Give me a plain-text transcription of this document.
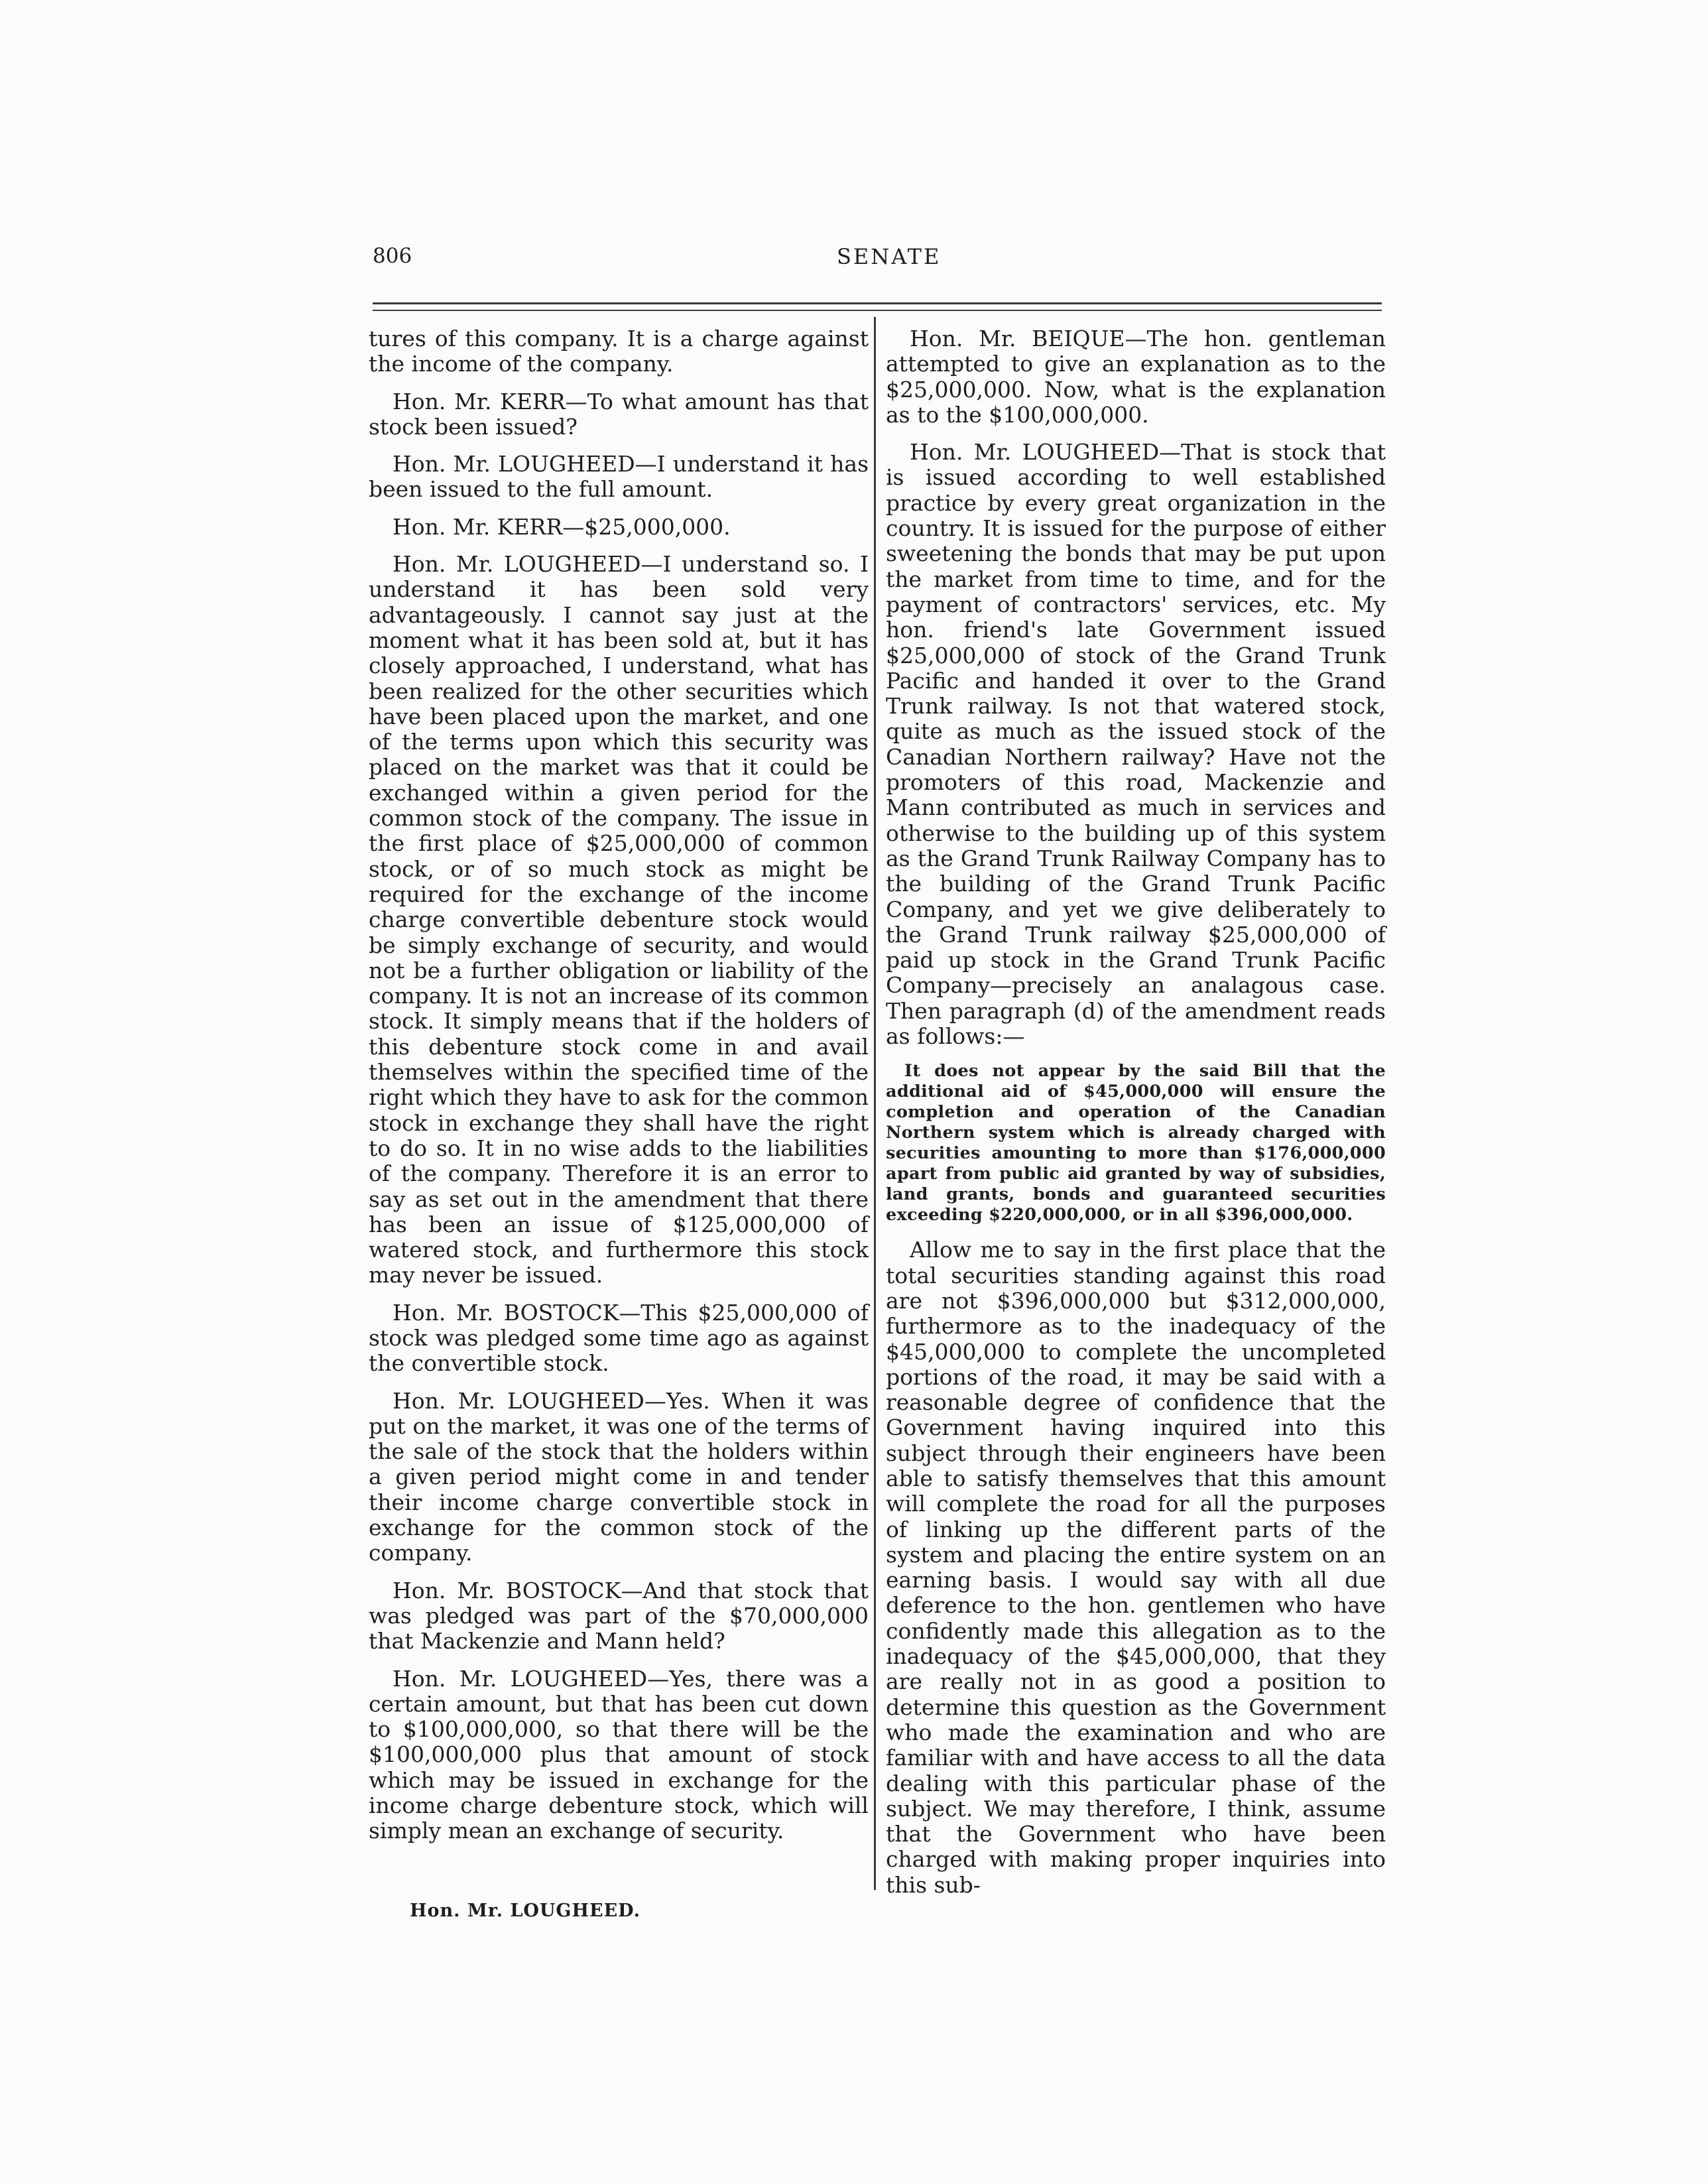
806	SENATE

tures of this company. It is a charge against the income of the company.

Hon. Mr. KERR—To what amount has that stock been issued?

Hon. Mr. LOUGHEED—I understand it has been issued to the full amount.

Hon. Mr. KERR—$25,000,000.

Hon. Mr. LOUGHEED—I understand so. I understand it has been sold very advantageously. I cannot say just at the moment what it has been sold at, but it has closely approached, I understand, what has been realized for the other securities which have been placed upon the market, and one of the terms upon which this security was placed on the market was that it could be exchanged within a given period for the common stock of the company. The issue in the first place of $25,000,000 of common stock, or of so much stock as might be required for the exchange of the income charge convertible debenture stock would be simply exchange of security, and would not be a further obligation or liability of the company. It is not an increase of its common stock. It simply means that if the holders of this debenture stock come in and avail themselves within the specified time of the right which they have to ask for the common stock in exchange they shall have the right to do so. It in no wise adds to the liabilities of the company. Therefore it is an error to say as set out in the amendment that there has been an issue of $125,000,000 of watered stock, and furthermore this stock may never be issued.

Hon. Mr. BOSTOCK—This $25,000,000 of stock was pledged some time ago as against the convertible stock.

Hon. Mr. LOUGHEED—Yes. When it was put on the market, it was one of the terms of the sale of the stock that the holders within a given period might come in and tender their income charge convertible stock in exchange for the common stock of the company.

Hon. Mr. BOSTOCK—And that stock that was pledged was part of the $70,000,000 that Mackenzie and Mann held?

Hon. Mr. LOUGHEED—Yes, there was a certain amount, but that has been cut down to $100,000,000, so that there will be the $100,000,000 plus that amount of stock which may be issued in exchange for the income charge debenture stock, which will simply mean an exchange of security.

Hon. Mr. BEIQUE—The hon. gentleman attempted to give an explanation as to the $25,000,000. Now, what is the explanation as to the $100,000,000.

Hon. Mr. LOUGHEED—That is stock that is issued according to well established practice by every great organization in the country. It is issued for the purpose of either sweetening the bonds that may be put upon the market from time to time, and for the payment of contractors' services, etc. My hon. friend's late Government issued $25,000,000 of stock of the Grand Trunk Pacific and handed it over to the Grand Trunk railway. Is not that watered stock, quite as much as the issued stock of the Canadian Northern railway? Have not the promoters of this road, Mackenzie and Mann contributed as much in services and otherwise to the building up of this system as the Grand Trunk Railway Company has to the building of the Grand Trunk Pacific Company, and yet we give deliberately to the Grand Trunk railway $25,000,000 of paid up stock in the Grand Trunk Pacific Company—precisely an analagous case. Then paragraph (d) of the amendment reads as follows:—

It does not appear by the said Bill that the additional aid of $45,000,000 will ensure the completion and operation of the Canadian Northern system which is already charged with securities amounting to more than $176,000,000 apart from public aid granted by way of subsidies, land grants, bonds and guaranteed securities exceeding $220,000,000, or in all $396,000,000.

Allow me to say in the first place that the total securities standing against this road are not $396,000,000 but $312,000,000, furthermore as to the inadequacy of the $45,000,000 to complete the uncompleted portions of the road, it may be said with a reasonable degree of confidence that the Government having inquired into this subject through their engineers have been able to satisfy themselves that this amount will complete the road for all the purposes of linking up the different parts of the system and placing the entire system on an earning basis. I would say with all due deference to the hon. gentlemen who have confidently made this allegation as to the inadequacy of the $45,000,000, that they are really not in as good a position to determine this question as the Government who made the examination and who are familiar with and have access to all the data dealing with this particular phase of the subject. We may therefore, I think, assume that the Government who have been charged with making proper inquiries into this sub-

Hon. Mr. LOUGHEED.
